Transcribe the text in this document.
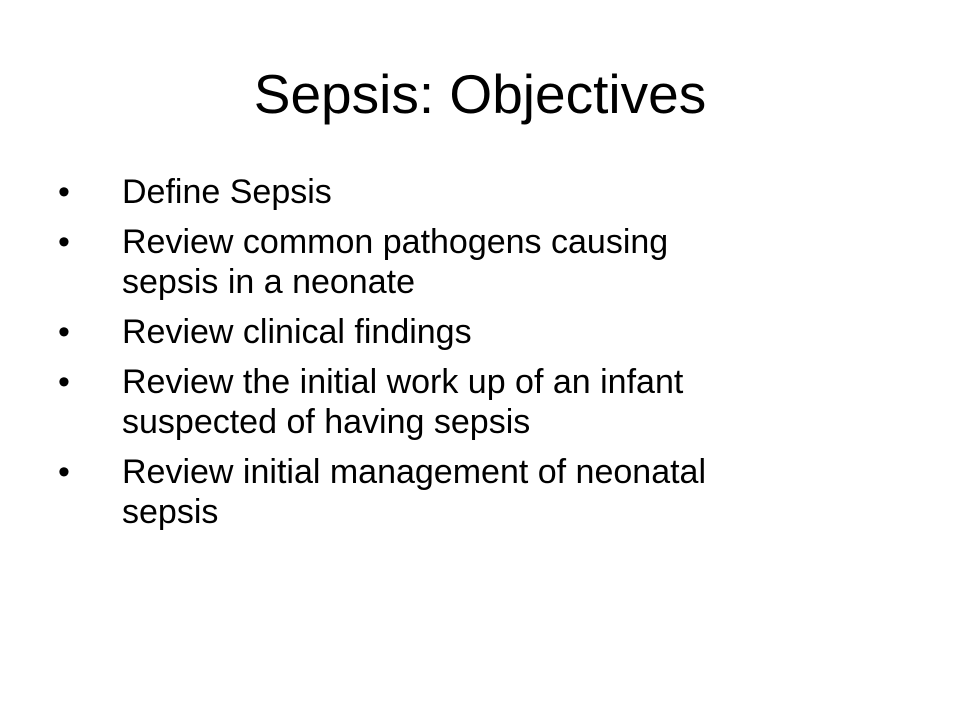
Sepsis: Objectives
•	Define Sepsis
•	Review common pathogens causing
sepsis in a neonate
•	Review clinical findings
•	Review the initial work up of an infant
suspected of having sepsis
•	Review initial management of neonatal
sepsis
